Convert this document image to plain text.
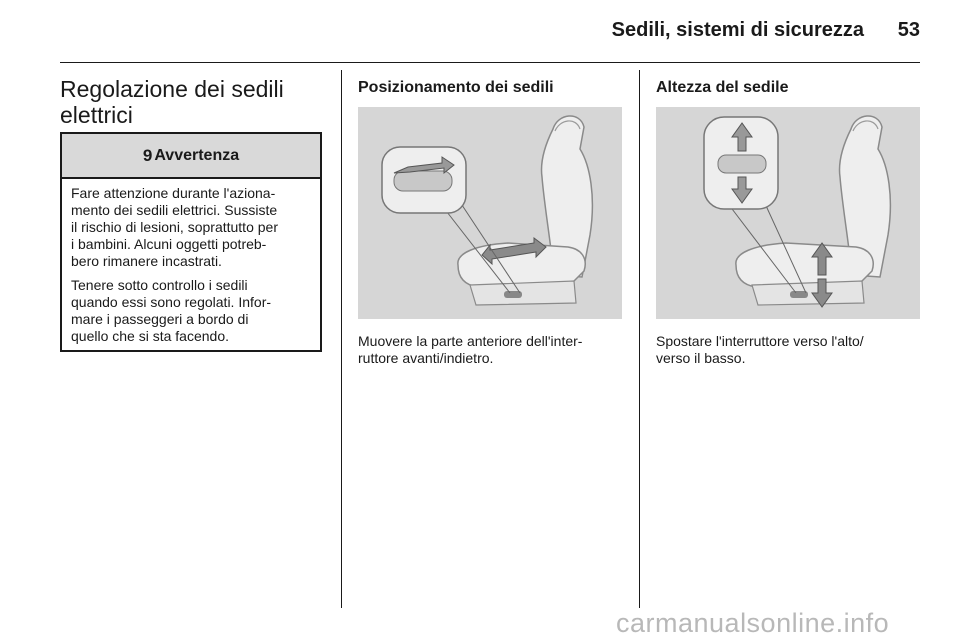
Sedili, sistemi di sicurezza 53
Regolazione dei sedili
elettrici
9 Avvertenza

Fare attenzione durante l'aziona-
mento dei sedili elettrici. Sussiste
il rischio di lesioni, soprattutto per
i bambini. Alcuni oggetti potreb-
bero rimanere incastrati.

Tenere sotto controllo i sedili
quando essi sono regolati. Infor-
mare i passeggeri a bordo di
quello che si sta facendo.

Posizionamento dei sedili
Muovere la parte anteriore dell'inter-
ruttore avanti/indietro.
Altezza del sedile
Spostare l'interruttore verso l'alto/
verso il basso.
carmanualsonline.info
